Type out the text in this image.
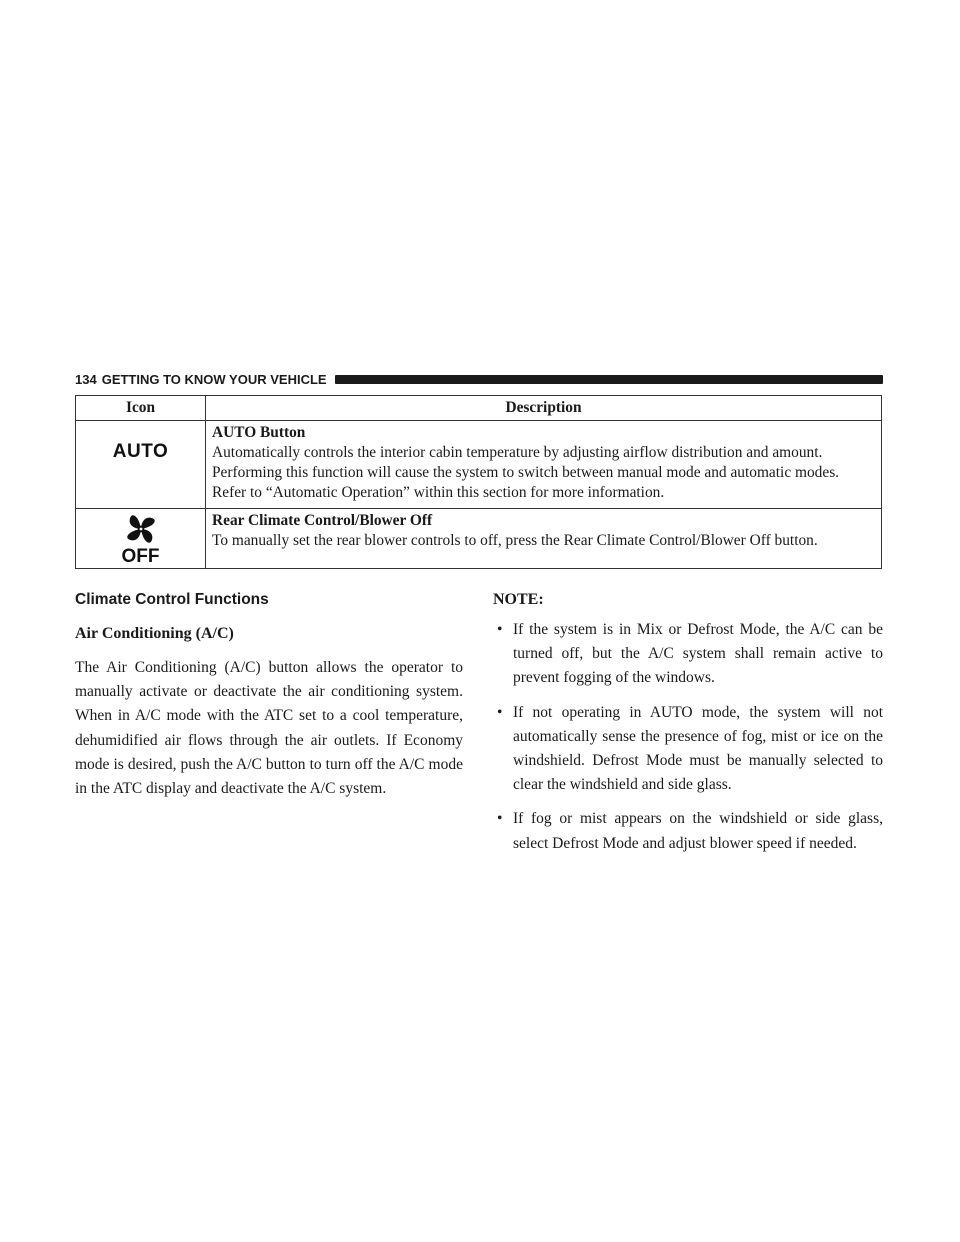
134 GETTING TO KNOW YOUR VEHICLE
Icon	Description
AUTO	AUTO Button
Automatically controls the interior cabin temperature by adjusting airflow distribution and amount. Performing this function will cause the system to switch between manual mode and automatic modes.
Refer to “Automatic Operation” within this section for more information.

OFF	Rear Climate Control/Blower Off
To manually set the rear blower controls to off, press the Rear Climate Control/Blower Off button.
Climate Control Functions
Air Conditioning (A/C)

The Air Conditioning (A/C) button allows the operator to manually activate or deactivate the air conditioning system. When in A/C mode with the ATC set to a cool temperature, dehumidified air flows through the air outlets. If Economy mode is desired, push the A/C button to turn off the A/C mode in the ATC display and deactivate the A/C system.

NOTE:
• If the system is in Mix or Defrost Mode, the A/C can be turned off, but the A/C system shall remain active to prevent fogging of the windows.
• If not operating in AUTO mode, the system will not automatically sense the presence of fog, mist or ice on the windshield. Defrost Mode must be manually selected to clear the windshield and side glass.
• If fog or mist appears on the windshield or side glass, select Defrost Mode and adjust blower speed if needed.
